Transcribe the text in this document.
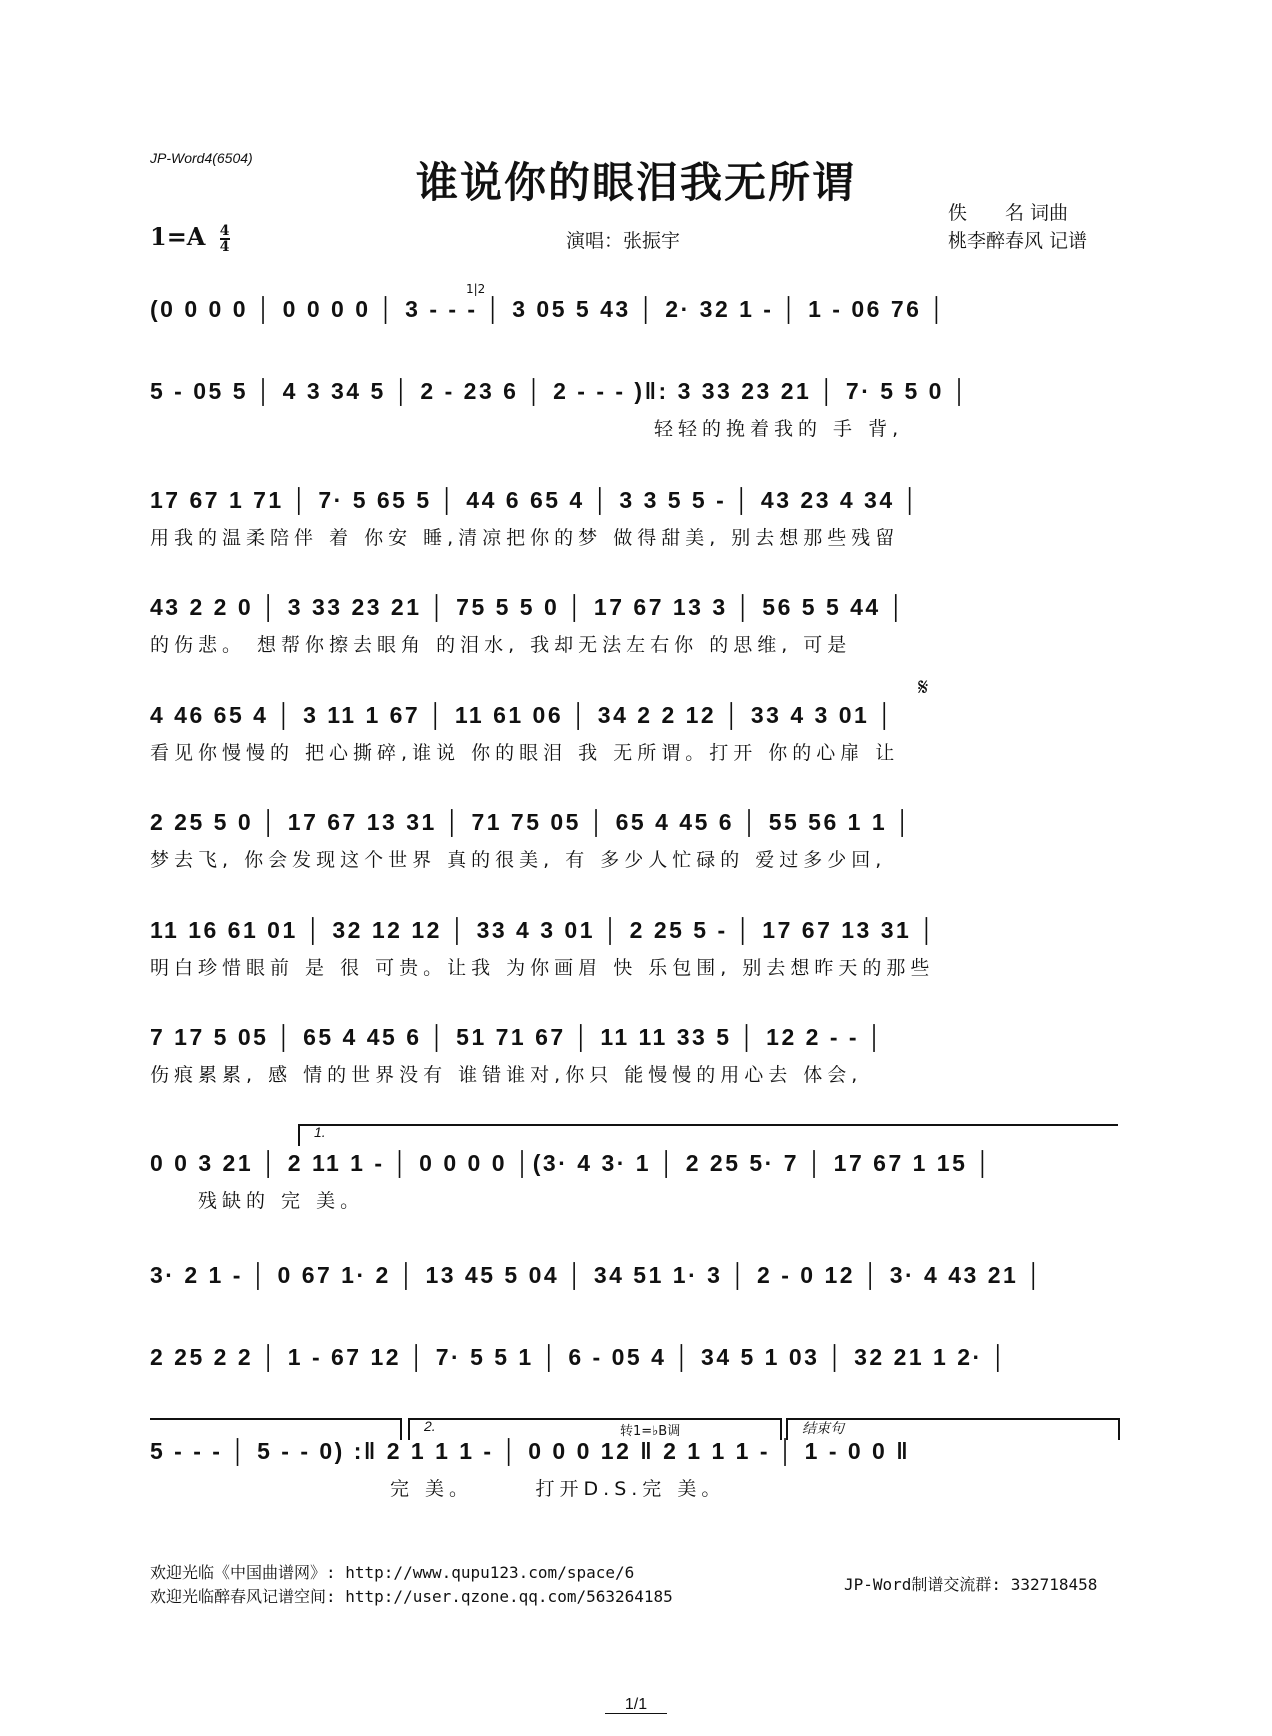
JP-Word4(6504)	谁说你的眼泪我无所谓
佚　　名 词曲
桃李醉春风 记谱
演唱：张振宇
$1=A \frac{4}{4}$
1|2
(0 0 0 0 │ 0 0 0 0 │ 3 - - - │ 3 05 5 43 │ 2· 32 1 - │ 1 - 06 76 │
5 - 05 5 │ 4 3 34 5 │ 2 - 23 6 │ 2 - - - )‖: 3 33 23 21 │ 7· 5 5 0 │
　　　　　　　　　　　　　　　　　　　　　轻轻的挽着我的 手 背,
17 67 1 71 │ 7· 5 65 5 │ 44 6 65 4 │ 3 3 5 5 - │ 43 23 4 34 │
用我的温柔陪伴 着 你安 睡,清凉把你的梦 做得甜美, 别去想那些残留
43 2 2 0 │ 3 33 23 21 │ 75 5 5 0 │ 17 67 13 3 │ 56 5 5 44 │
的伤悲。 想帮你擦去眼角 的泪水, 我却无法左右你 的思维, 可是
𝄋
4 46 65 4 │ 3 11 1 67 │ 11 61 06 │ 34 2 2 12 │ 33 4 3 01 │
看见你慢慢的 把心撕碎,谁说 你的眼泪 我 无所谓。打开 你的心扉 让
2 25 5 0 │ 17 67 13 31 │ 71 75 05 │ 65 4 45 6 │ 55 56 1 1 │
梦去飞, 你会发现这个世界 真的很美, 有 多少人忙碌的 爱过多少回,
11 16 61 01 │ 32 12 12 │ 33 4 3 01 │ 2 25 5 - │ 17 67 13 31 │
明白珍惜眼前 是 很 可贵。让我 为你画眉 快 乐包围, 别去想昨天的那些
7 17 5 05 │ 65 4 45 6 │ 51 71 67 │ 11 11 33 5 │ 12 2 - - │
伤痕累累, 感 情的世界没有 谁错谁对,你只 能慢慢的用心去 体会,
1.
0 0 3 21 │ 2 11 1 - │ 0 0 0 0 │(3· 4 3· 1 │ 2 25 5· 7 │ 17 67 1 15 │
　　残缺的 完 美。
3· 2 1 - │ 0 67 1· 2 │ 13 45 5 04 │ 34 51 1· 3 │ 2 - 0 12 │ 3· 4 43 21 │
2 25 2 2 │ 1 - 67 12 │ 7· 5 5 1 │ 6 - 05 4 │ 34 5 1 03 │ 32 21 1 2· │
2.	转1=♭B调	结束句
5 - - - │ 5 - - 0) :‖ 2 1 1 1 - │ 0 0 0 12 ‖ 2 1 1 1 - │ 1 - 0 0 ‖
　　　　　　　　　　完 美。　　　打开D.S.完 美。
欢迎光临《中国曲谱网》: http://www.qupu123.com/space/6
欢迎光临醉春风记谱空间: http://user.qzone.qq.com/563264185
JP-Word制谱交流群: 332718458
1/1
